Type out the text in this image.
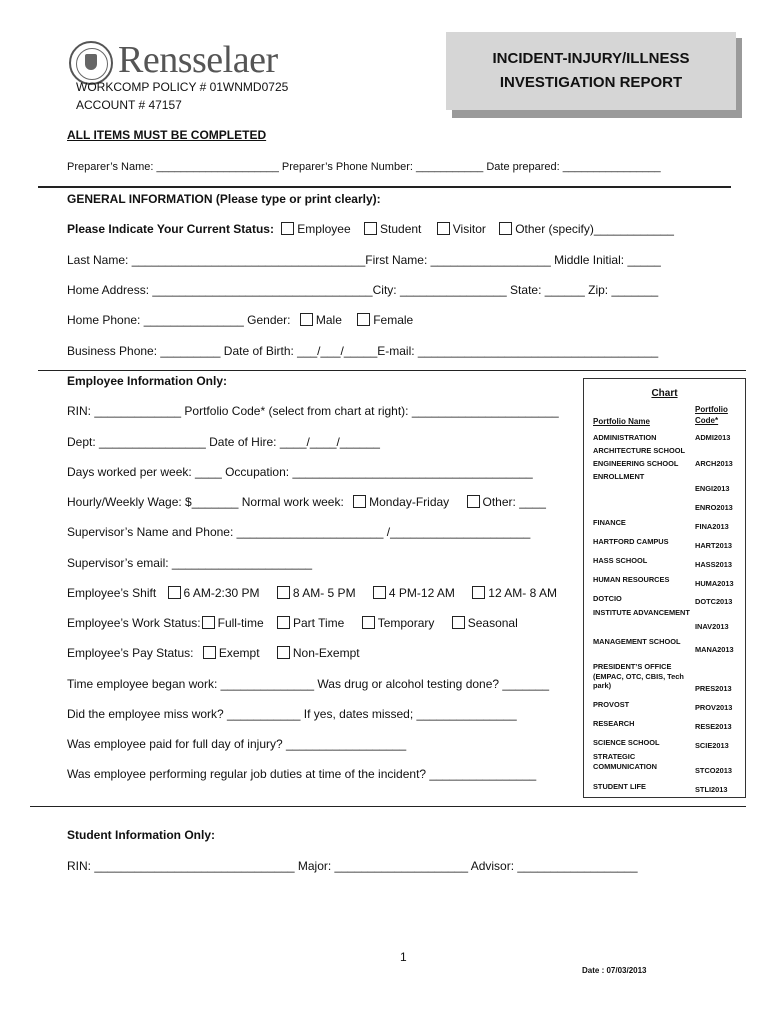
Rensselaer
WORKCOMP POLICY # 01WNMD0725
ACCOUNT # 47157
INCIDENT-INJURY/ILLNESS
INVESTIGATION REPORT
ALL ITEMS MUST BE COMPLETED
Preparer’s Name: ____________________ Preparer’s Phone Number: ___________ Date prepared: ________________
GENERAL INFORMATION (Please type or print clearly):
Please Indicate Your Current Status: Employee Student	Visitor Other (specify)____________
Last Name: ___________________________________First Name: __________________ Middle Initial: _____
Home Address: _________________________________City: ________________ State: ______ Zip: _______
Home Phone: _______________ Gender: Male	Female
Business Phone: _________ Date of Birth: ___/___/_____E-mail: ____________________________________
Employee Information Only:
RIN: _____________ Portfolio Code* (select from chart at right): ______________________
Dept: ________________ Date of Hire: ____/____/______
Days worked per week: ____ Occupation: ____________________________________
Hourly/Weekly Wage: $_______ Normal work week: Monday-Friday	Other: ____
Supervisor’s Name and Phone: ______________________ /_____________________
Supervisor’s email: _____________________
Employee’s Shift 6 AM-2:30 PM	8 AM- 5 PM	4 PM-12 AM	12 AM- 8 AM
Employee’s Work Status: Full-time Part Time	Temporary	Seasonal
Employee’s Pay Status: Exempt	Non-Exempt
Time employee began work: ______________ Was drug or alcohol testing done? _______
Did the employee miss work? ___________ If yes, dates missed; _______________
Was employee paid for full day of injury? __________________
Was employee performing regular job duties at time of the incident? ________________
Chart
Portfolio Name
Portfolio
Code*
ADMINISTRATION	ADMI2013
ARCHITECTURE SCHOOL
ARCH2013
ENGINEERING SCHOOL
ENGI2013
ENROLLMENT
ENRO2013
FINANCE	FINA2013
HARTFORD CAMPUS	HART2013
HASS SCHOOL	HASS2013
HUMAN RESOURCES	HUMA2013
DOTCIO	DOTC2013
INSTITUTE ADVANCEMENT
INAV2013
MANAGEMENT SCHOOL
MANA2013
PRESIDENT’S OFFICE (EMPAC, OTC, CBIS, Tech park)	PRES2013
PROVOST	PROV2013
RESEARCH	RESE2013
SCIENCE SCHOOL	SCIE2013
STRATEGIC COMMUNICATION	STCO2013
STUDENT LIFE	STLI2013
Student Information Only:
RIN: ______________________________ Major: ____________________ Advisor: __________________
1
Date : 07/03/2013
